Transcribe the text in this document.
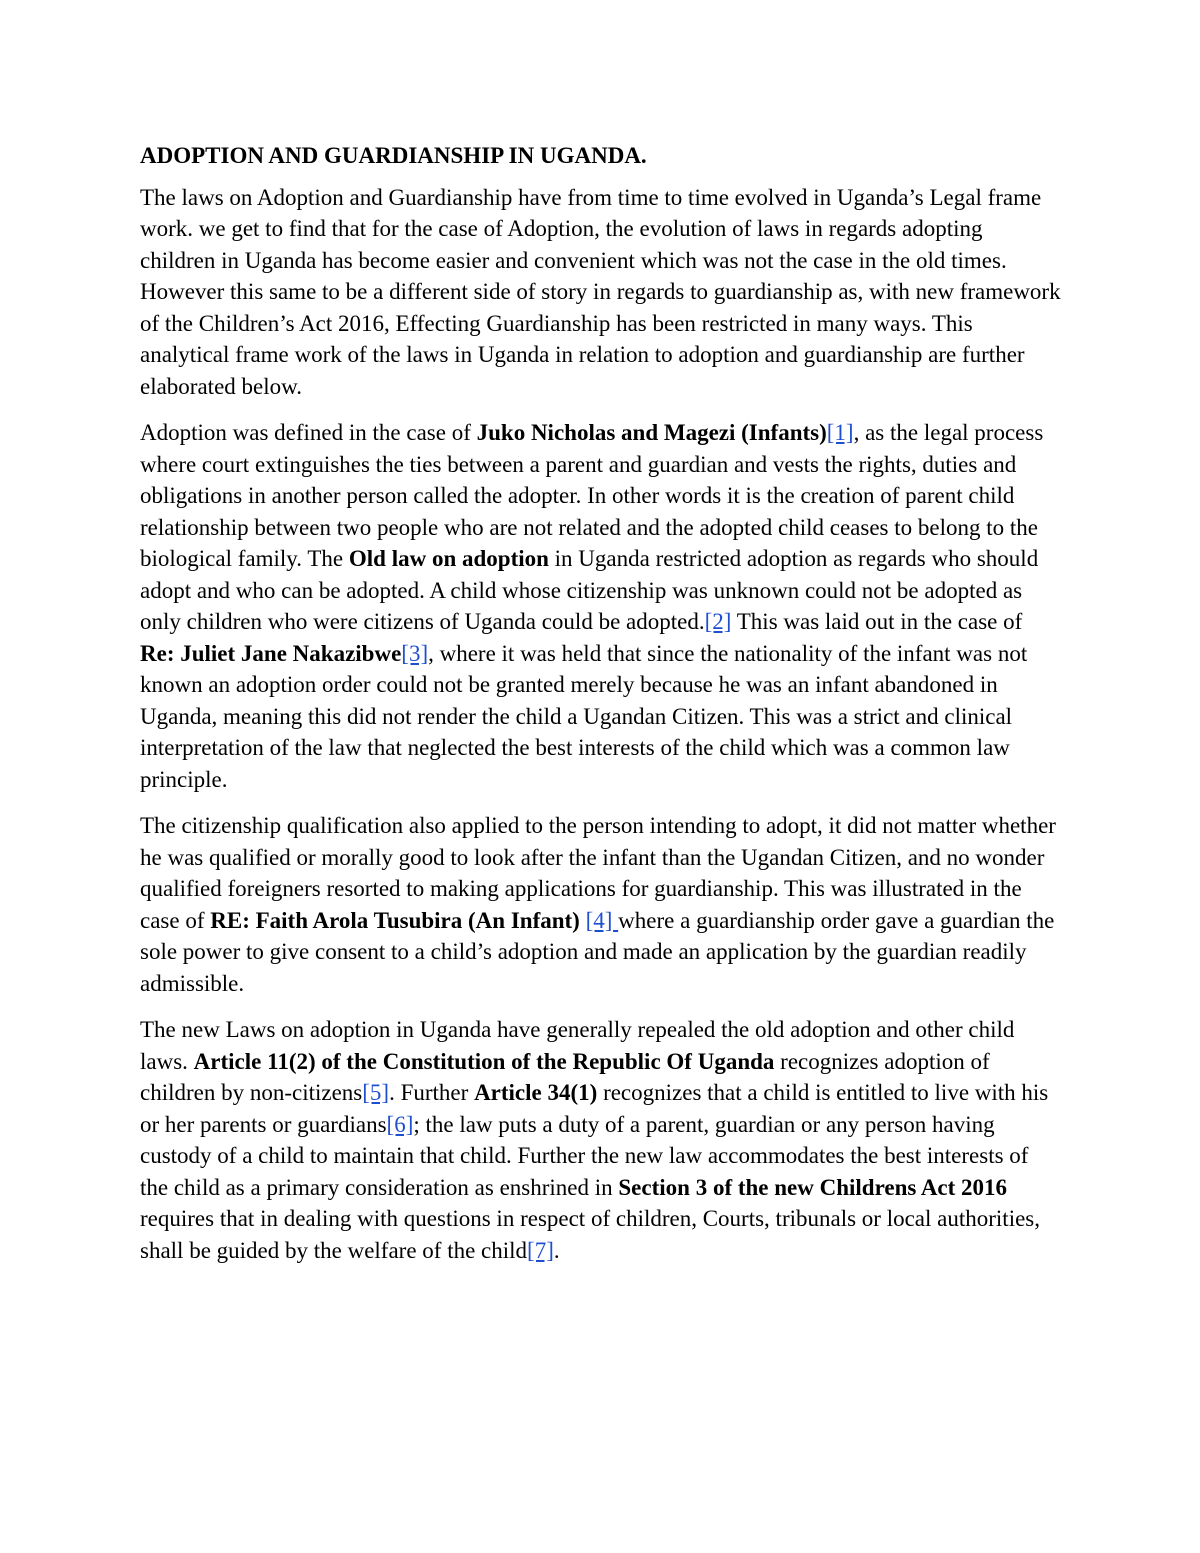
ADOPTION AND GUARDIANSHIP IN UGANDA.

The laws on Adoption and Guardianship have from time to time evolved in Uganda’s Legal frame work. we get to find that for the case of Adoption, the evolution of laws in regards adopting children in Uganda has become easier and convenient which was not the case in the old times. However this same to be a different side of story in regards to guardianship as, with new framework of the Children’s Act 2016, Effecting Guardianship has been restricted in many ways. This analytical frame work of the laws in Uganda in relation to adoption and guardianship are further elaborated below.

Adoption was defined in the case of Juko Nicholas and Magezi (Infants)[1], as the legal process where court extinguishes the ties between a parent and guardian and vests the rights, duties and obligations in another person called the adopter. In other words it is the creation of parent child relationship between two people who are not related and the adopted child ceases to belong to the biological family. The Old law on adoption in Uganda restricted adoption as regards who should adopt and who can be adopted. A child whose citizenship was unknown could not be adopted as only children who were citizens of Uganda could be adopted.[2] This was laid out in the case of Re: Juliet Jane Nakazibwe[3], where it was held that since the nationality of the infant was not known an adoption order could not be granted merely because he was an infant abandoned in Uganda, meaning this did not render the child a Ugandan Citizen. This was a strict and clinical interpretation of the law that neglected the best interests of the child which was a common law principle.

The citizenship qualification also applied to the person intending to adopt, it did not matter whether he was qualified or morally good to look after the infant than the Ugandan Citizen, and no wonder qualified foreigners resorted to making applications for guardianship. This was illustrated in the case of RE: Faith Arola Tusubira (An Infant) [4] where a guardianship order gave a guardian the sole power to give consent to a child’s adoption and made an application by the guardian readily admissible.

The new Laws on adoption in Uganda have generally repealed the old adoption and other child laws. Article 11(2) of the Constitution of the Republic Of Uganda recognizes adoption of children by non-citizens[5]. Further Article 34(1) recognizes that a child is entitled to live with his or her parents or guardians[6]; the law puts a duty of a parent, guardian or any person having custody of a child to maintain that child. Further the new law accommodates the best interests of the child as a primary consideration as enshrined in Section 3 of the new Childrens Act 2016 requires that in dealing with questions in respect of children, Courts, tribunals or local authorities, shall be guided by the welfare of the child[7].
